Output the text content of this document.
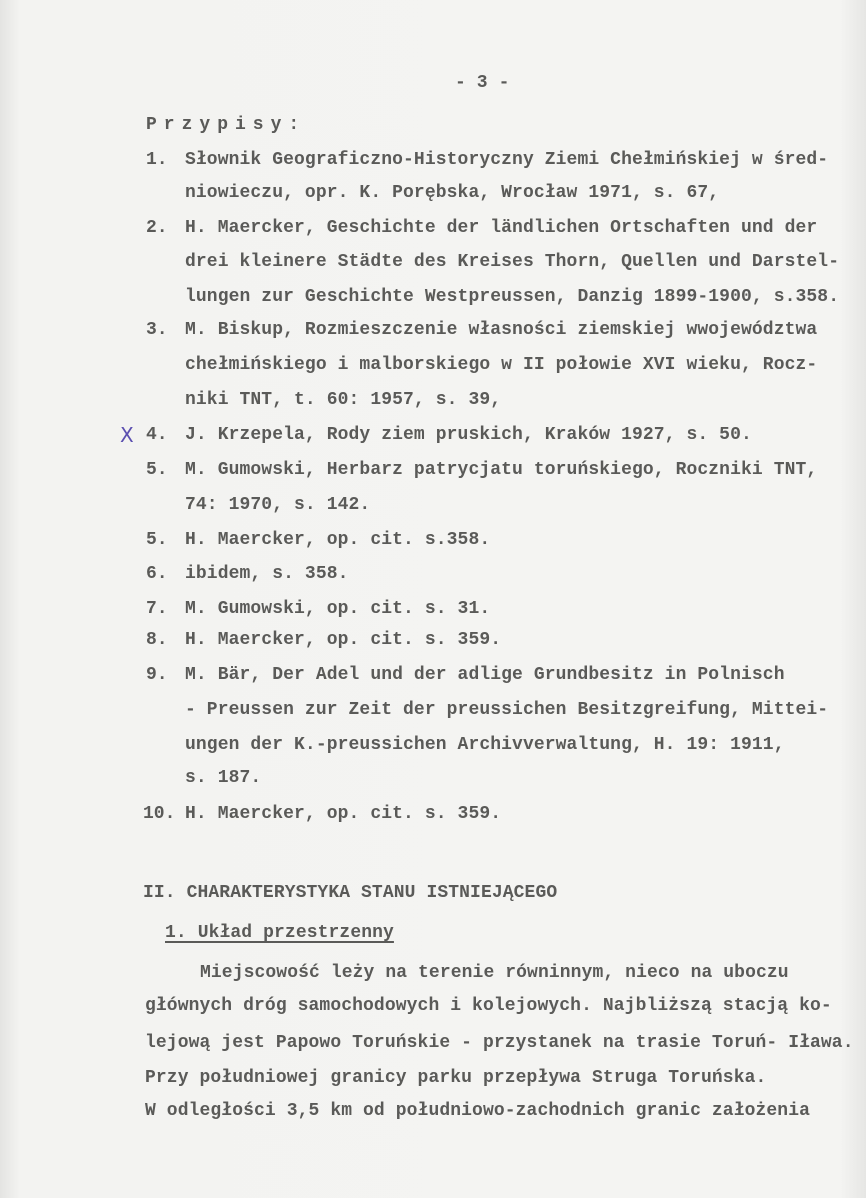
- 3 -
Przypisy:
1. Słownik Geograficzno-Historyczny Ziemi Chełmińskiej w śred-
niowieczu, opr. K. Porębska, Wrocław 1971, s. 67,
2. H. Maercker, Geschichte der ländlichen Ortschaften und der
drei kleinere Städte des Kreises Thorn, Quellen und Darstel-
lungen zur Geschichte Westpreussen, Danzig 1899-1900, s.358.
3. M. Biskup, Rozmieszczenie własności ziemskiej wwojewództwa
chełmińskiego i malborskiego w II połowie XVI wieku, Rocz-
niki TNT, t. 60: 1957, s. 39,
4.
X	J. Krzepela, Rody ziem pruskich, Kraków 1927, s. 50.
5. M. Gumowski, Herbarz patrycjatu toruńskiego, Roczniki TNT,
74: 1970, s. 142.
5. H. Maercker, op. cit. s.358.
6. ibidem, s. 358.
7. M. Gumowski, op. cit. s. 31.
8. H. Maercker, op. cit. s. 359.
9. M. Bär, Der Adel und der adlige Grundbesitz in Polnisch
- Preussen zur Zeit der preussichen Besitzgreifung, Mittei-
ungen der K.-preussichen Archivverwaltung, H. 19: 1911,
s. 187.
10. H. Maercker, op. cit. s. 359.
II. CHARAKTERYSTYKA STANU ISTNIEJĄCEGO
1. Układ przestrzenny
Miejscowość leży na terenie równinnym, nieco na uboczu
głównych dróg samochodowych i kolejowych. Najbliższą stacją ko-
lejową jest Papowo Toruńskie - przystanek na trasie Toruń- Iława.
Przy południowej granicy parku przepływa Struga Toruńska.
W odległości 3,5 km od południowo-zachodnich granic założenia
